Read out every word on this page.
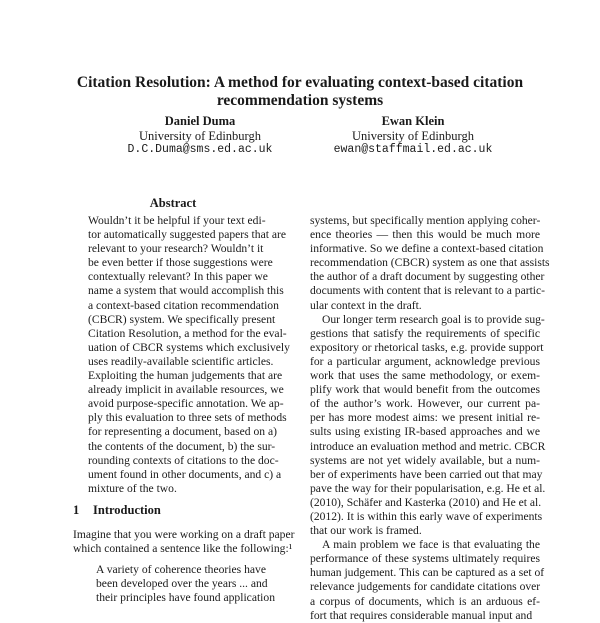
Citation Resolution: A method for evaluating context-based citation
recommendation systems
Daniel Duma
University of Edinburgh
D.C.Duma@sms.ed.ac.uk
Ewan Klein
University of Edinburgh
ewan@staffmail.ed.ac.uk
Abstract
Wouldn’t it be helpful if your text edi-
tor automatically suggested papers that are
relevant to your research? Wouldn’t it
be even better if those suggestions were
contextually relevant? In this paper we
name a system that would accomplish this
a context-based citation recommendation
(CBCR) system. We specifically present
Citation Resolution, a method for the eval-
uation of CBCR systems which exclusively
uses readily-available scientific articles.
Exploiting the human judgements that are
already implicit in available resources, we
avoid purpose-specific annotation. We ap-
ply this evaluation to three sets of methods
for representing a document, based on a)
the contents of the document, b) the sur-
rounding contexts of citations to the doc-
ument found in other documents, and c) a
mixture of the two.
1 Introduction
Imagine that you were working on a draft paper
which contained a sentence like the following:¹
A variety of coherence theories have
been developed over the years ... and
their principles have found application
systems, but specifically mention applying coher-
ence theories — then this would be much more
informative. So we define a context-based citation
recommendation (CBCR) system as one that assists
the author of a draft document by suggesting other
documents with content that is relevant to a partic-
ular context in the draft.
Our longer term research goal is to provide sug-
gestions that satisfy the requirements of specific
expository or rhetorical tasks, e.g. provide support
for a particular argument, acknowledge previous
work that uses the same methodology, or exem-
plify work that would benefit from the outcomes
of the author’s work. However, our current pa-
per has more modest aims: we present initial re-
sults using existing IR-based approaches and we
introduce an evaluation method and metric. CBCR
systems are not yet widely available, but a num-
ber of experiments have been carried out that may
pave the way for their popularisation, e.g. He et al.
(2010), Schäfer and Kasterka (2010) and He et al.
(2012). It is within this early wave of experiments
that our work is framed.
A main problem we face is that evaluating the
performance of these systems ultimately requires
human judgement. This can be captured as a set of
relevance judgements for candidate citations over
a corpus of documents, which is an arduous ef-
fort that requires considerable manual input and
